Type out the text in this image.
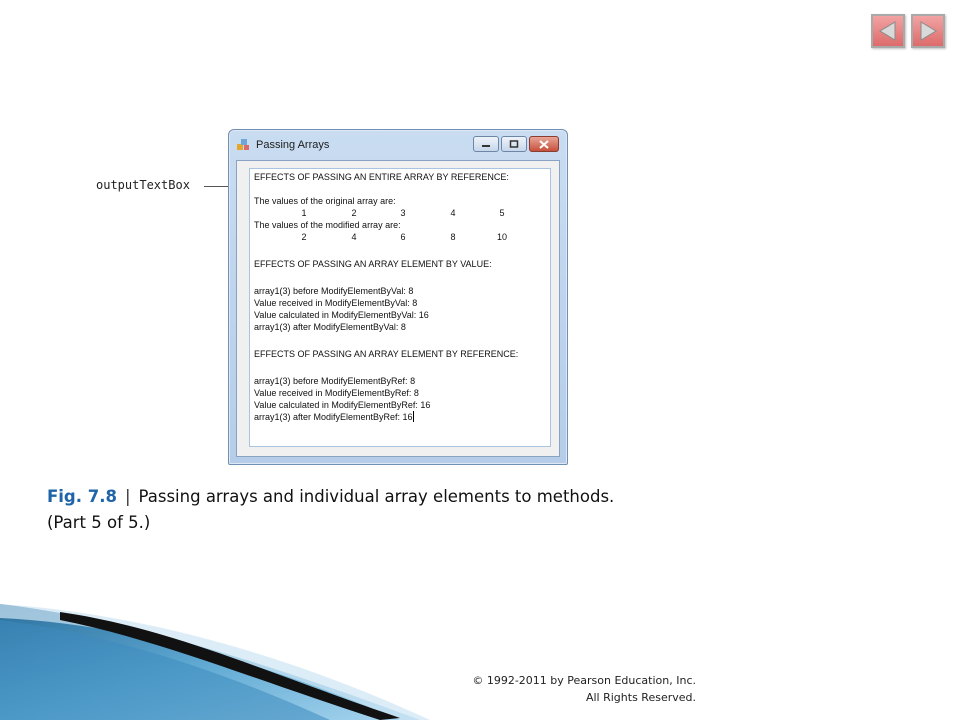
outputTextBox
Passing Arrays
EFFECTS OF PASSING AN ENTIRE ARRAY BY REFERENCE:
The values of the original array are:
1	2	3	4	5
The values of the modified array are:
2	4	6	8	10
EFFECTS OF PASSING AN ARRAY ELEMENT BY VALUE:
array1(3) before ModifyElementByVal: 8
Value received in ModifyElementByVal: 8
Value calculated in ModifyElementByVal: 16
array1(3) after ModifyElementByVal: 8
EFFECTS OF PASSING AN ARRAY ELEMENT BY REFERENCE:
array1(3) before ModifyElementByRef: 8
Value received in ModifyElementByRef: 8
Value calculated in ModifyElementByRef: 16
array1(3) after ModifyElementByRef: 16
Fig. 7.8 | Passing arrays and individual array elements to methods.
(Part 5 of 5.)
© 1992-2011 by Pearson Education, Inc.
All Rights Reserved.
